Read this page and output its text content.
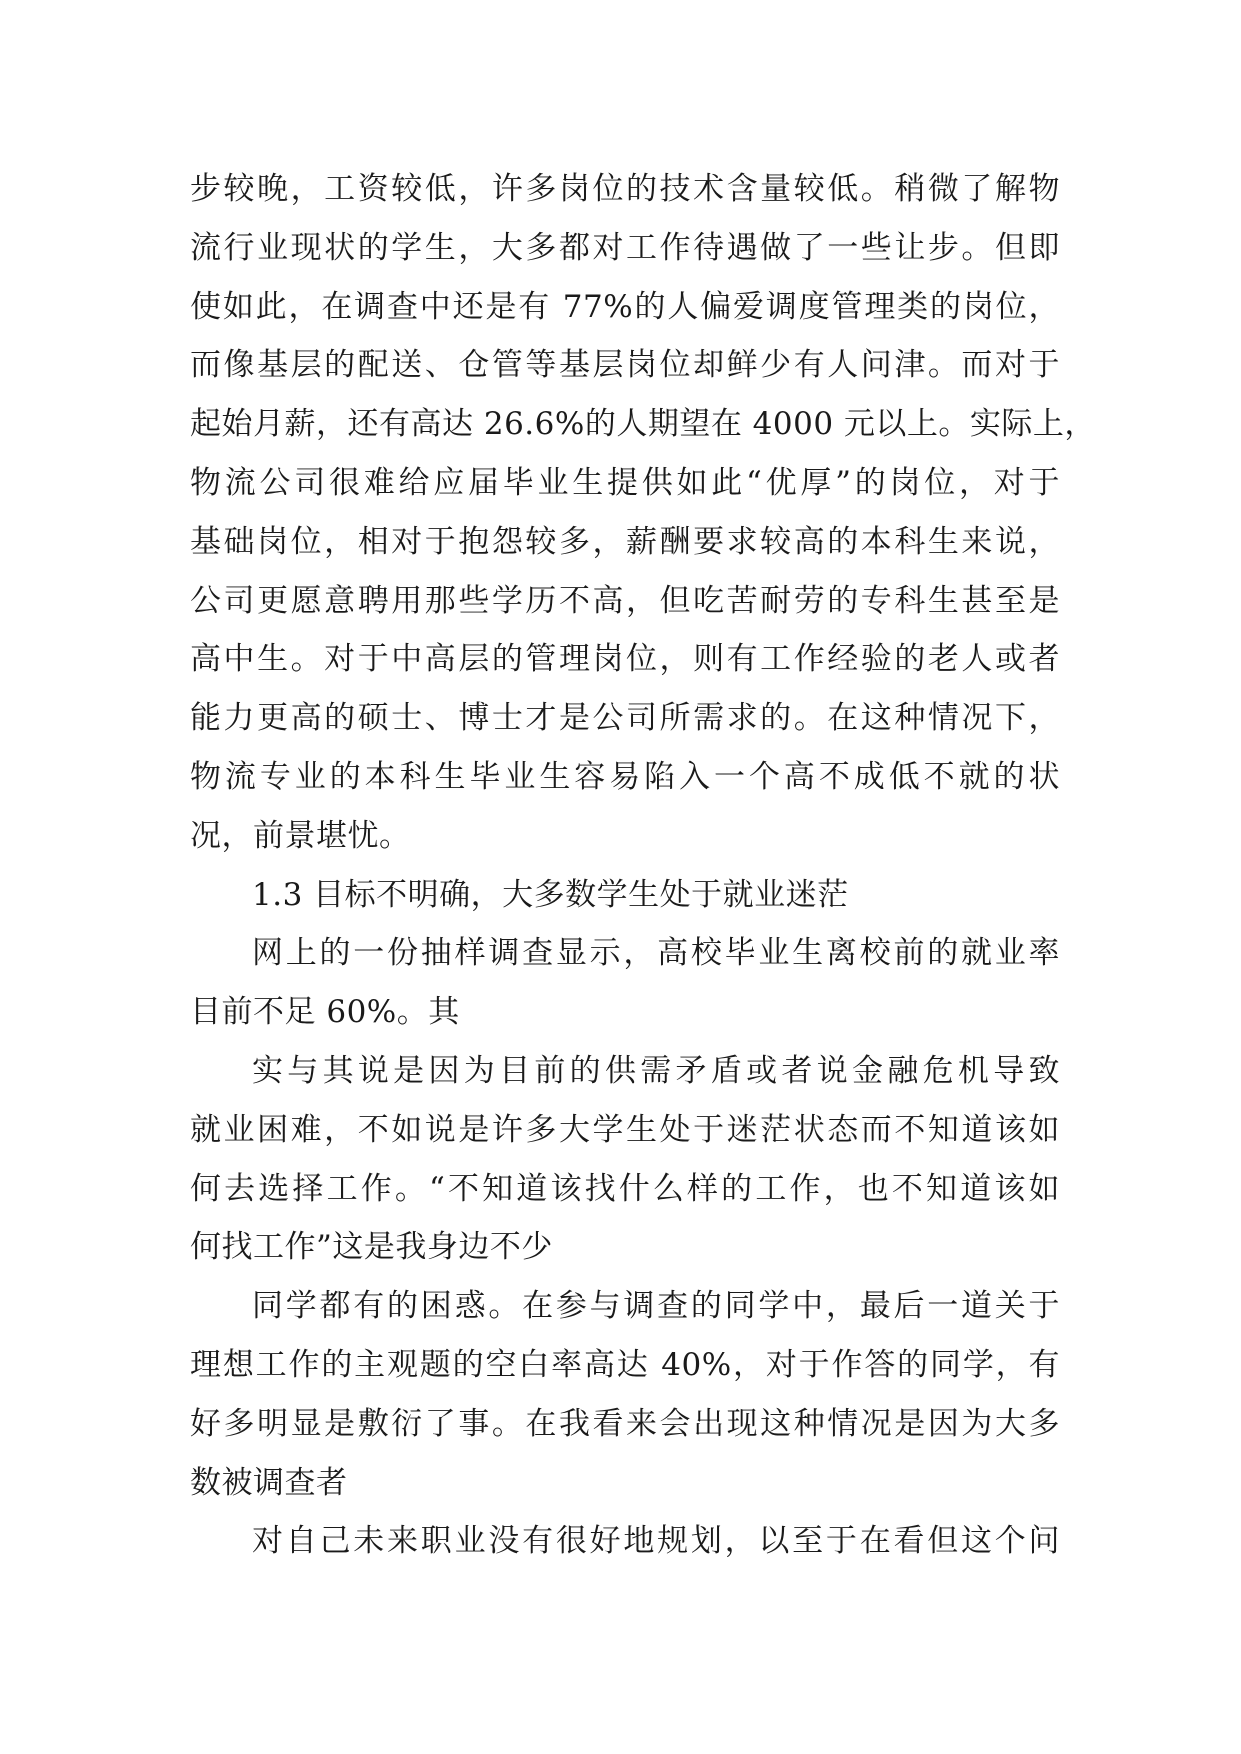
步较晚，工资较低，许多岗位的技术含量较低。稍微了解物
流行业现状的学生，大多都对工作待遇做了一些让步。但即
使如此，在调查中还是有 77%的人偏爱调度管理类的岗位，
而像基层的配送、仓管等基层岗位却鲜少有人问津。而对于
起始月薪，还有高达 26.6%的人期望在 4000 元以上。实际上，
物流公司很难给应届毕业生提供如此“优厚”的岗位，对于
基础岗位，相对于抱怨较多，薪酬要求较高的本科生来说，
公司更愿意聘用那些学历不高，但吃苦耐劳的专科生甚至是
高中生。对于中高层的管理岗位，则有工作经验的老人或者
能力更高的硕士、博士才是公司所需求的。在这种情况下，
物流专业的本科生毕业生容易陷入一个高不成低不就的状
况，前景堪忧。
1.3 目标不明确，大多数学生处于就业迷茫
网上的一份抽样调查显示，高校毕业生离校前的就业率
目前不足 60%。其
实与其说是因为目前的供需矛盾或者说金融危机导致
就业困难，不如说是许多大学生处于迷茫状态而不知道该如
何去选择工作。“不知道该找什么样的工作，也不知道该如
何找工作”这是我身边不少
同学都有的困惑。在参与调查的同学中，最后一道关于
理想工作的主观题的空白率高达 40%，对于作答的同学，有
好多明显是敷衍了事。在我看来会出现这种情况是因为大多
数被调查者
对自己未来职业没有很好地规划，以至于在看但这个问
